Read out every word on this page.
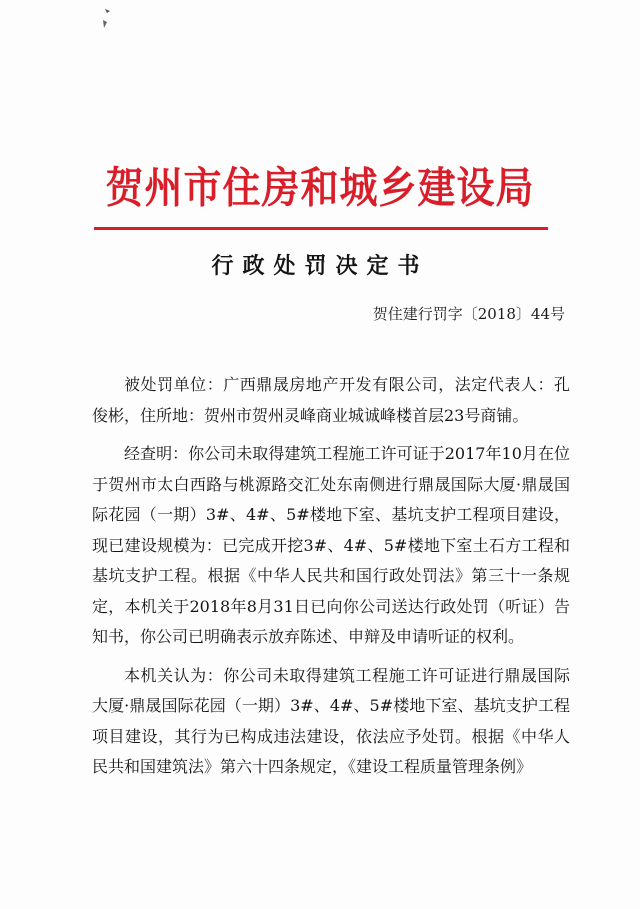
贺州市住房和城乡建设局
行政处罚决定书
贺住建行罚字〔2018〕44号

被处罚单位：广西鼎晟房地产开发有限公司，法定代表人：孔俊彬，住所地：贺州市贺州灵峰商业城诚峰楼首层23号商铺。

经查明：你公司未取得建筑工程施工许可证于2017年10月在位于贺州市太白西路与桃源路交汇处东南侧进行鼎晟国际大厦·鼎晟国际花园（一期）3#、4#、5#楼地下室、基坑支护工程项目建设，现已建设规模为：已完成开挖3#、4#、5#楼地下室土石方工程和基坑支护工程。根据《中华人民共和国行政处罚法》第三十一条规定，本机关于2018年8月31日已向你公司送达行政处罚（听证）告知书，你公司已明确表示放弃陈述、申辩及申请听证的权利。

本机关认为：你公司未取得建筑工程施工许可证进行鼎晟国际大厦·鼎晟国际花园（一期）3#、4#、5#楼地下室、基坑支护工程项目建设，其行为已构成违法建设，依法应予处罚。根据《中华人民共和国建筑法》第六十四条规定，《建设工程质量管理条例》
